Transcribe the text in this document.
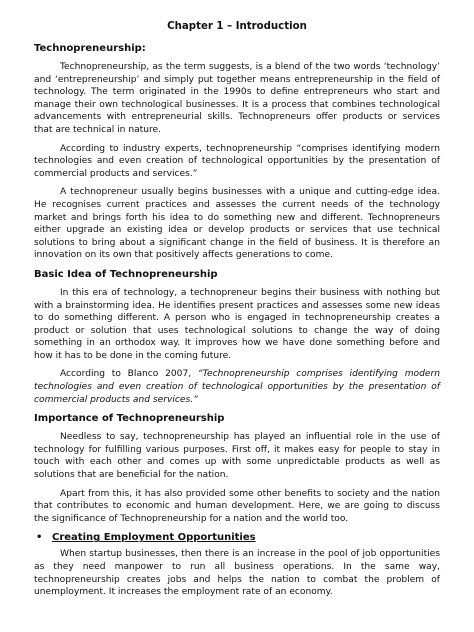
Chapter 1 – Introduction
Technopreneurship:

Technopreneurship, as the term suggests, is a blend of the two words ‘technology’ and ‘entrepreneurship’ and simply put together means entrepreneurship in the field of technology. The term originated in the 1990s to define entrepreneurs who start and manage their own technological businesses. It is a process that combines technological advancements with entrepreneurial skills. Technopreneurs offer products or services that are technical in nature.

According to industry experts, technopreneurship “comprises identifying modern technologies and even creation of technological opportunities by the presentation of commercial products and services.”

A technopreneur usually begins businesses with a unique and cutting-edge idea. He recognises current practices and assesses the current needs of the technology market and brings forth his idea to do something new and different. Technopreneurs either upgrade an existing idea or develop products or services that use technical solutions to bring about a significant change in the field of business. It is therefore an innovation on its own that positively affects generations to come.

Basic Idea of Technopreneurship

In this era of technology, a technopreneur begins their business with nothing but with a brainstorming idea. He identifies present practices and assesses some new ideas to do something different. A person who is engaged in technopreneurship creates a product or solution that uses technological solutions to change the way of doing something in an orthodox way. It improves how we have done something before and how it has to be done in the coming future.

According to Blanco 2007, “Technopreneurship comprises identifying modern technologies and even creation of technological opportunities by the presentation of commercial products and services.”

Importance of Technopreneurship

Needless to say, technopreneurship has played an influential role in the use of technology for fulfilling various purposes. First off, it makes easy for people to stay in touch with each other and comes up with some unpredictable products as well as solutions that are beneficial for the nation.

Apart from this, it has also provided some other benefits to society and the nation that contributes to economic and human development. Here, we are going to discuss the significance of Technopreneurship for a nation and the world too.

• Creating Employment Opportunities

When startup businesses, then there is an increase in the pool of job opportunities as they need manpower to run all business operations. In the same way, technopreneurship creates jobs and helps the nation to combat the problem of unemployment. It increases the employment rate of an economy.
